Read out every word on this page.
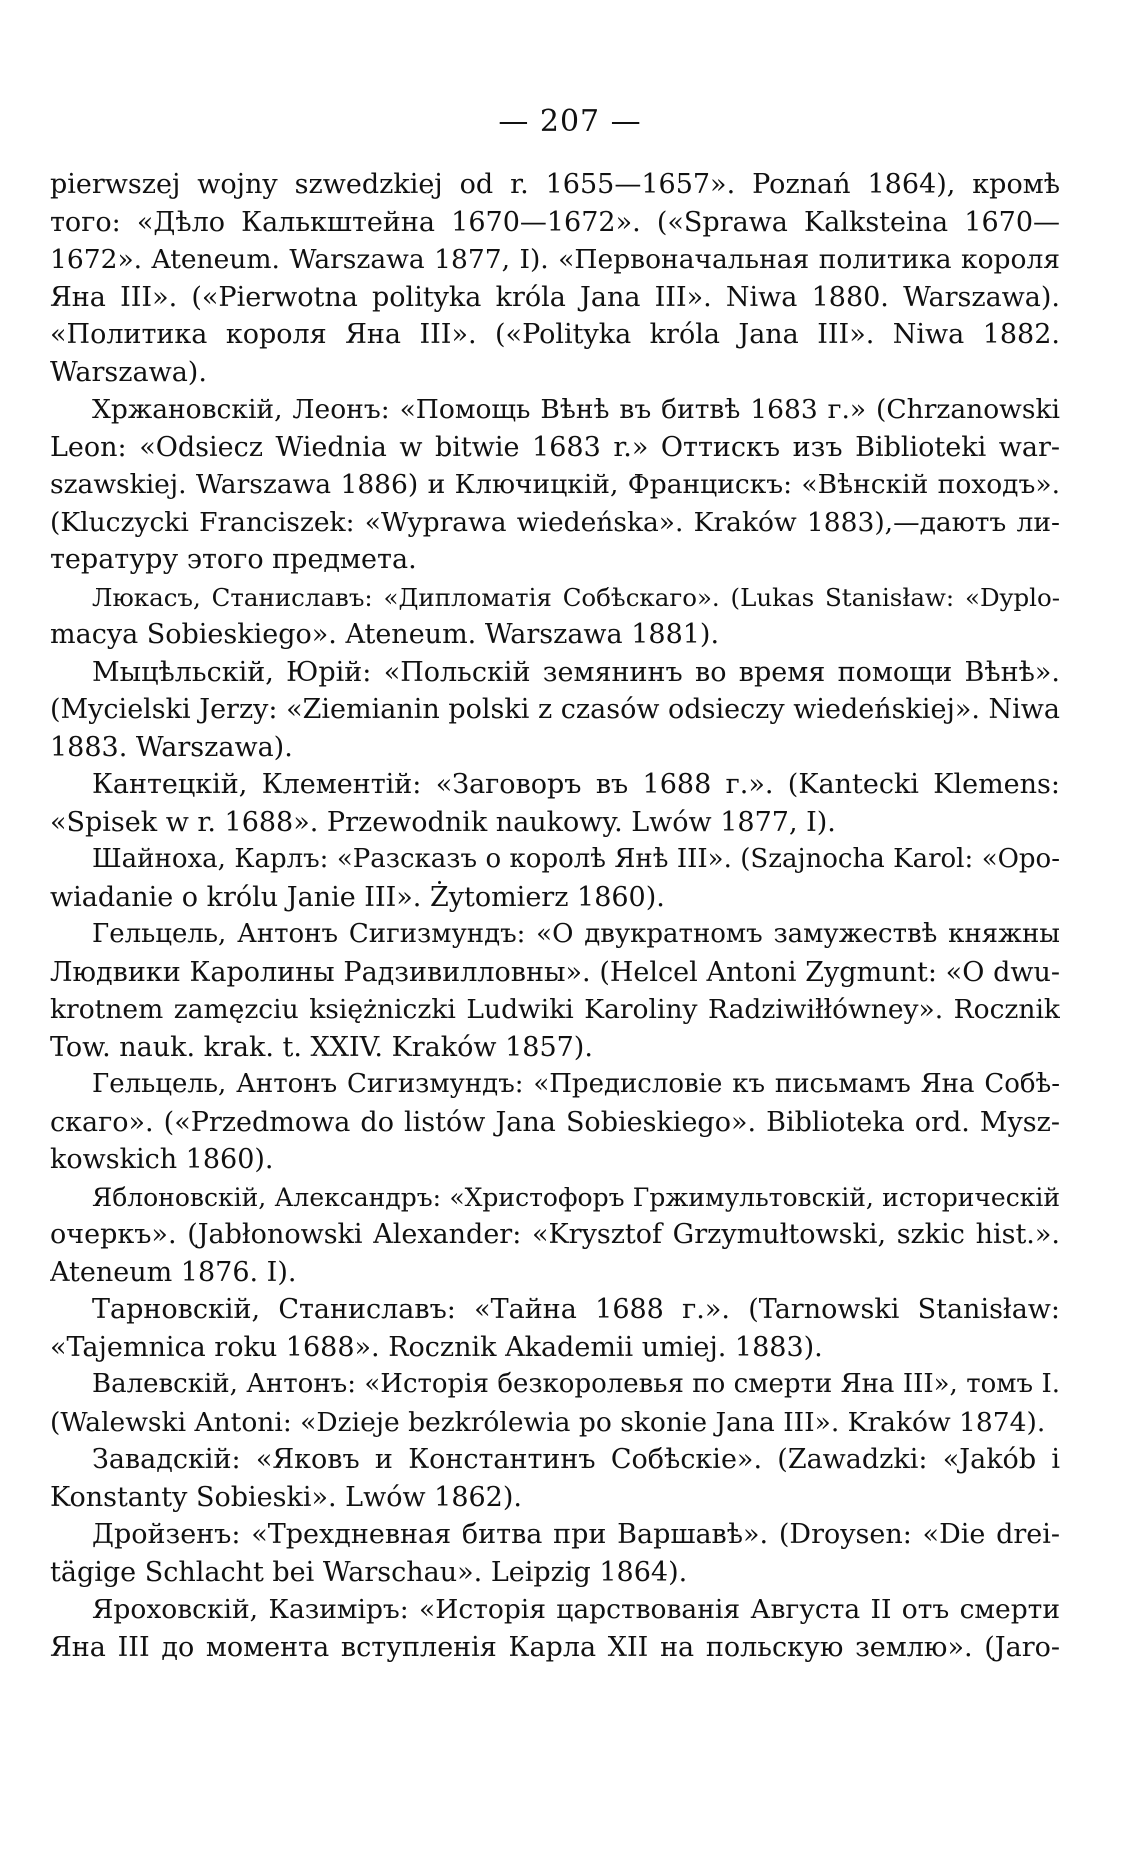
— 207 —
pierwszej wojny szwedzkiej od r. 1655—1657». Poznań 1864), кромѣ
того: «Дѣло Калькштейна 1670—1672». («Sprawa Kalksteina 1670—
1672». Ateneum. Warszawa 1877, I). «Первоначальная политика короля
Яна III». («Pierwotna polityka króla Jana III». Niwa 1880. Warszawa).
«Политика короля Яна III». («Polityka króla Jana III». Niwa 1882.
Warszawa).
Хржановскій, Леонъ: «Помощь Вѣнѣ въ битвѣ 1683 г.» (Chrzanowski
Leon: «Odsiecz Wiednia w bitwie 1683 r.» Оттискъ изъ Biblioteki war-
szawskiej. Warszawa 1886) и Ключицкій, Францискъ: «Вѣнскій походъ».
(Kluczycki Franciszek: «Wyprawa wiedeńska». Kraków 1883),—даютъ ли-
тературу этого предмета.
Люкасъ, Станиславъ: «Дипломатія Собѣскаго». (Lukas Stanisław: «Dyplo-
macya Sobieskiego». Ateneum. Warszawa 1881).
Мыцѣльскій, Юрій: «Польскій земянинъ во время помощи Вѣнѣ».
(Mycielski Jerzy: «Ziemianin polski z czasów odsieczy wiedeńskiej». Niwa
1883. Warszawa).
Кантецкій, Клементій: «Заговоръ въ 1688 г.». (Kantecki Klemens:
«Spisek w r. 1688». Przewodnik naukowy. Lwów 1877, I).
Шайноха, Карлъ: «Разсказъ о королѣ Янѣ III». (Szajnocha Karol: «Opo-
wiadanie o królu Janie III». Żytomierz 1860).
Гельцель, Антонъ Сигизмундъ: «О двукратномъ замужествѣ княжны
Людвики Каролины Радзивилловны». (Helcel Antoni Zygmunt: «O dwu-
krotnem zamęzciu księżniczki Ludwiki Karoliny Radziwiłłówney». Rocznik
Tow. nauk. krak. t. XXIV. Kraków 1857).
Гельцель, Антонъ Сигизмундъ: «Предисловіе къ письмамъ Яна Собѣ-
скаго». («Przedmowa do listów Jana Sobieskiego». Biblioteka ord. Mysz-
kowskich 1860).
Яблоновскій, Александръ: «Христофоръ Гржимультовскій, историческій
очеркъ». (Jabłonowski Alexander: «Krysztof Grzymułtowski, szkic hist.».
Ateneum 1876. I).
Тарновскій, Станиславъ: «Тайна 1688 г.». (Tarnowski Stanisław:
«Tajemnica roku 1688». Rocznik Akademii umiej. 1883).
Валевскій, Антонъ: «Исторія безкоролевья по смерти Яна III», томъ I.
(Walewski Antoni: «Dzieje bezkrólewia po skonie Jana III». Kraków 1874).
Завадскій: «Яковъ и Константинъ Собѣскіе». (Zawadzki: «Jakób i
Konstanty Sobieski». Lwów 1862).
Дройзенъ: «Трехдневная битва при Варшавѣ». (Droysen: «Die drei-
tägige Schlacht bei Warschau». Leipzig 1864).
Яроховскій, Казиміръ: «Исторія царствованія Августа II отъ смерти
Яна III до момента вступленія Карла XII на польскую землю». (Jaro-
